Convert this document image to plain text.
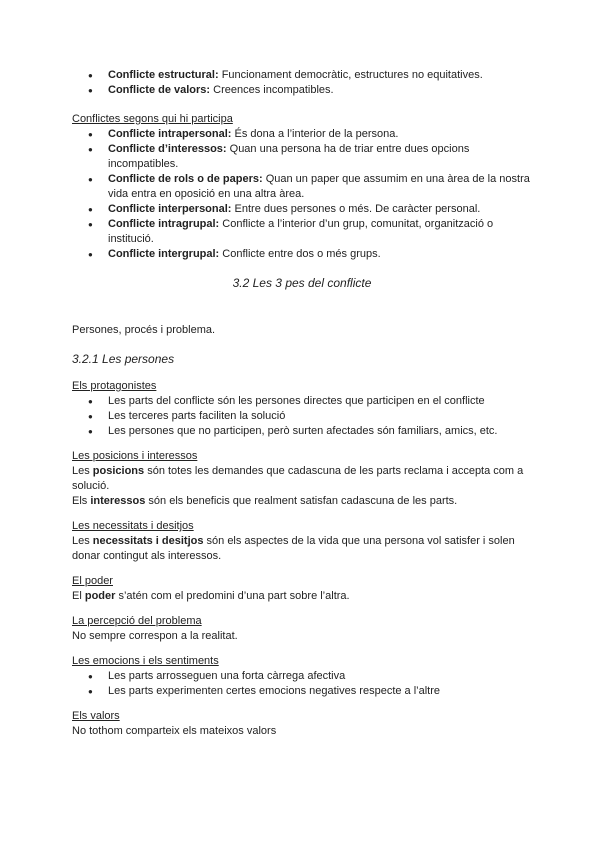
● Conflicte estructural: Funcionament democràtic, estructures no equitatives.
● Conflicte de valors: Creences incompatibles.

Conflictes segons qui hi participa

● Conflicte intrapersonal: És dona a l’interior de la persona.
● Conflicte d’interessos: Quan una persona ha de triar entre dues opcions incompatibles.
● Conflicte de rols o de papers: Quan un paper que assumim en una àrea de la nostra vida entra en oposició en una altra àrea.
● Conflicte interpersonal: Entre dues persones o més. De caràcter personal.
● Conflicte intragrupal: Conflicte a l’interior d’un grup, comunitat, organització o institució.
● Conflicte intergrupal: Conflicte entre dos o més grups.

3.2 Les 3 pes del conflicte

Persones, procés i problema.

3.2.1 Les persones

Els protagonistes

● Les parts del conflicte són les persones directes que participen en el conflicte
● Les terceres parts faciliten la solució
● Les persones que no participen, però surten afectades són familiars, amics, etc.

Les posicions i interessos

Les posicions són totes les demandes que cadascuna de les parts reclama i accepta com a solució.

Els interessos són els beneficis que realment satisfan cadascuna de les parts.

Les necessitats i desitjos

Les necessitats i desitjos són els aspectes de la vida que una persona vol satisfer i solen donar contingut als interessos.

El poder

El poder s’atén com el predomini d’una part sobre l’altra.

La percepció del problema

No sempre correspon a la realitat.

Les emocions i els sentiments

● Les parts arrosseguen una forta càrrega afectiva
● Les parts experimenten certes emocions negatives respecte a l’altre

Els valors

No tothom comparteix els mateixos valors
